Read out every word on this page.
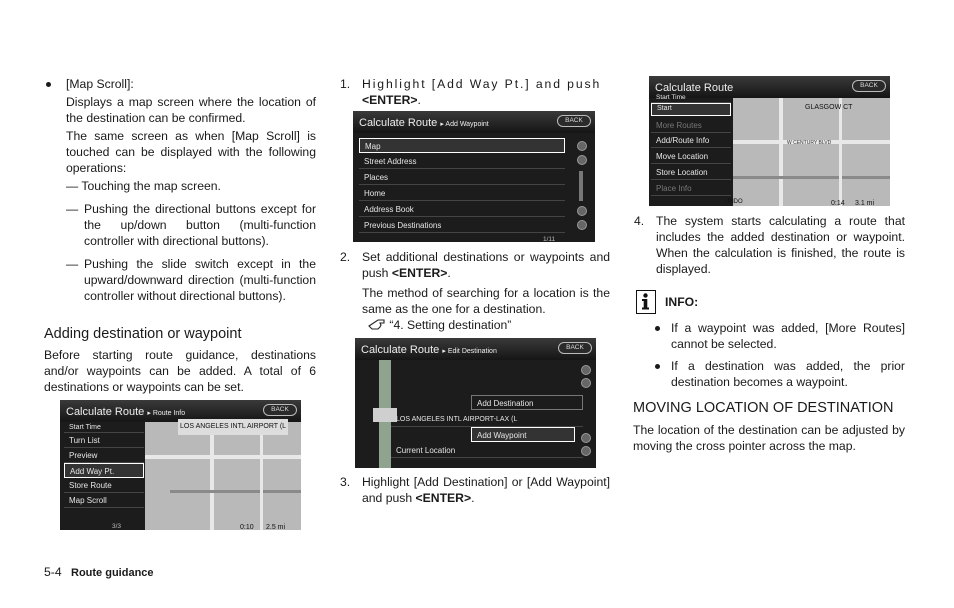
[Map Scroll]:

Displays a map screen where the location of the destination can be confirmed.

The same screen as when [Map Scroll] is touched can be displayed with the following operations:

— Touching the map screen.
— Pushing the directional buttons except for the up/down button (multi-function controller with directional buttons).

— Pushing the slide switch except in the upward/downward direction (multi-function controller without directional buttons).

Adding destination or waypoint

Before starting route guidance, destinations and/or waypoints can be added. A total of 6 destinations or waypoints can be set.

Calculate Route ▸ Route Info
BACK
LOS ANGELES INTL AIRPORT (L
Start Time
Turn List
Preview
Add Way Pt.
Store Route
Map Scroll
3/3	0:10 2.5 mi
1. Highlight [Add Way Pt.] and push
<ENTER>.
Calculate Route ▸ Add Waypoint
BACK
Map
Street Address
Places
Home
Address Book
Previous Destinations
1/11
2. Set additional destinations or waypoints and push <ENTER>.

The method of searching for a location is the same as the one for a destination.

“4. Setting destination”
Calculate Route ▸ Edit Destination
BACK
Add Destination
LOS ANGELES INTL AIRPORT-LAX (L
Add Waypoint
Current Location
3. Highlight [Add Destination] or [Add Waypoint] and push <ENTER>.

Calculate Route	BACK
GLASGOW CT
W CENTURY BLVD
Start Time
Start
More Routes
Add/Route Info
Move Location
Store Location
Place Info
UNDO	0:14 3.1 mi
4. The system starts calculating a route that includes the added destination or waypoint. When the calculation is finished, the route is displayed.

INFO:

If a waypoint was added, [More Routes] cannot be selected.

If a destination was added, the prior destination becomes a waypoint.

MOVING LOCATION OF DESTINATION

The location of the destination can be adjusted by moving the cross pointer across the map.

5-4 Route guidance
